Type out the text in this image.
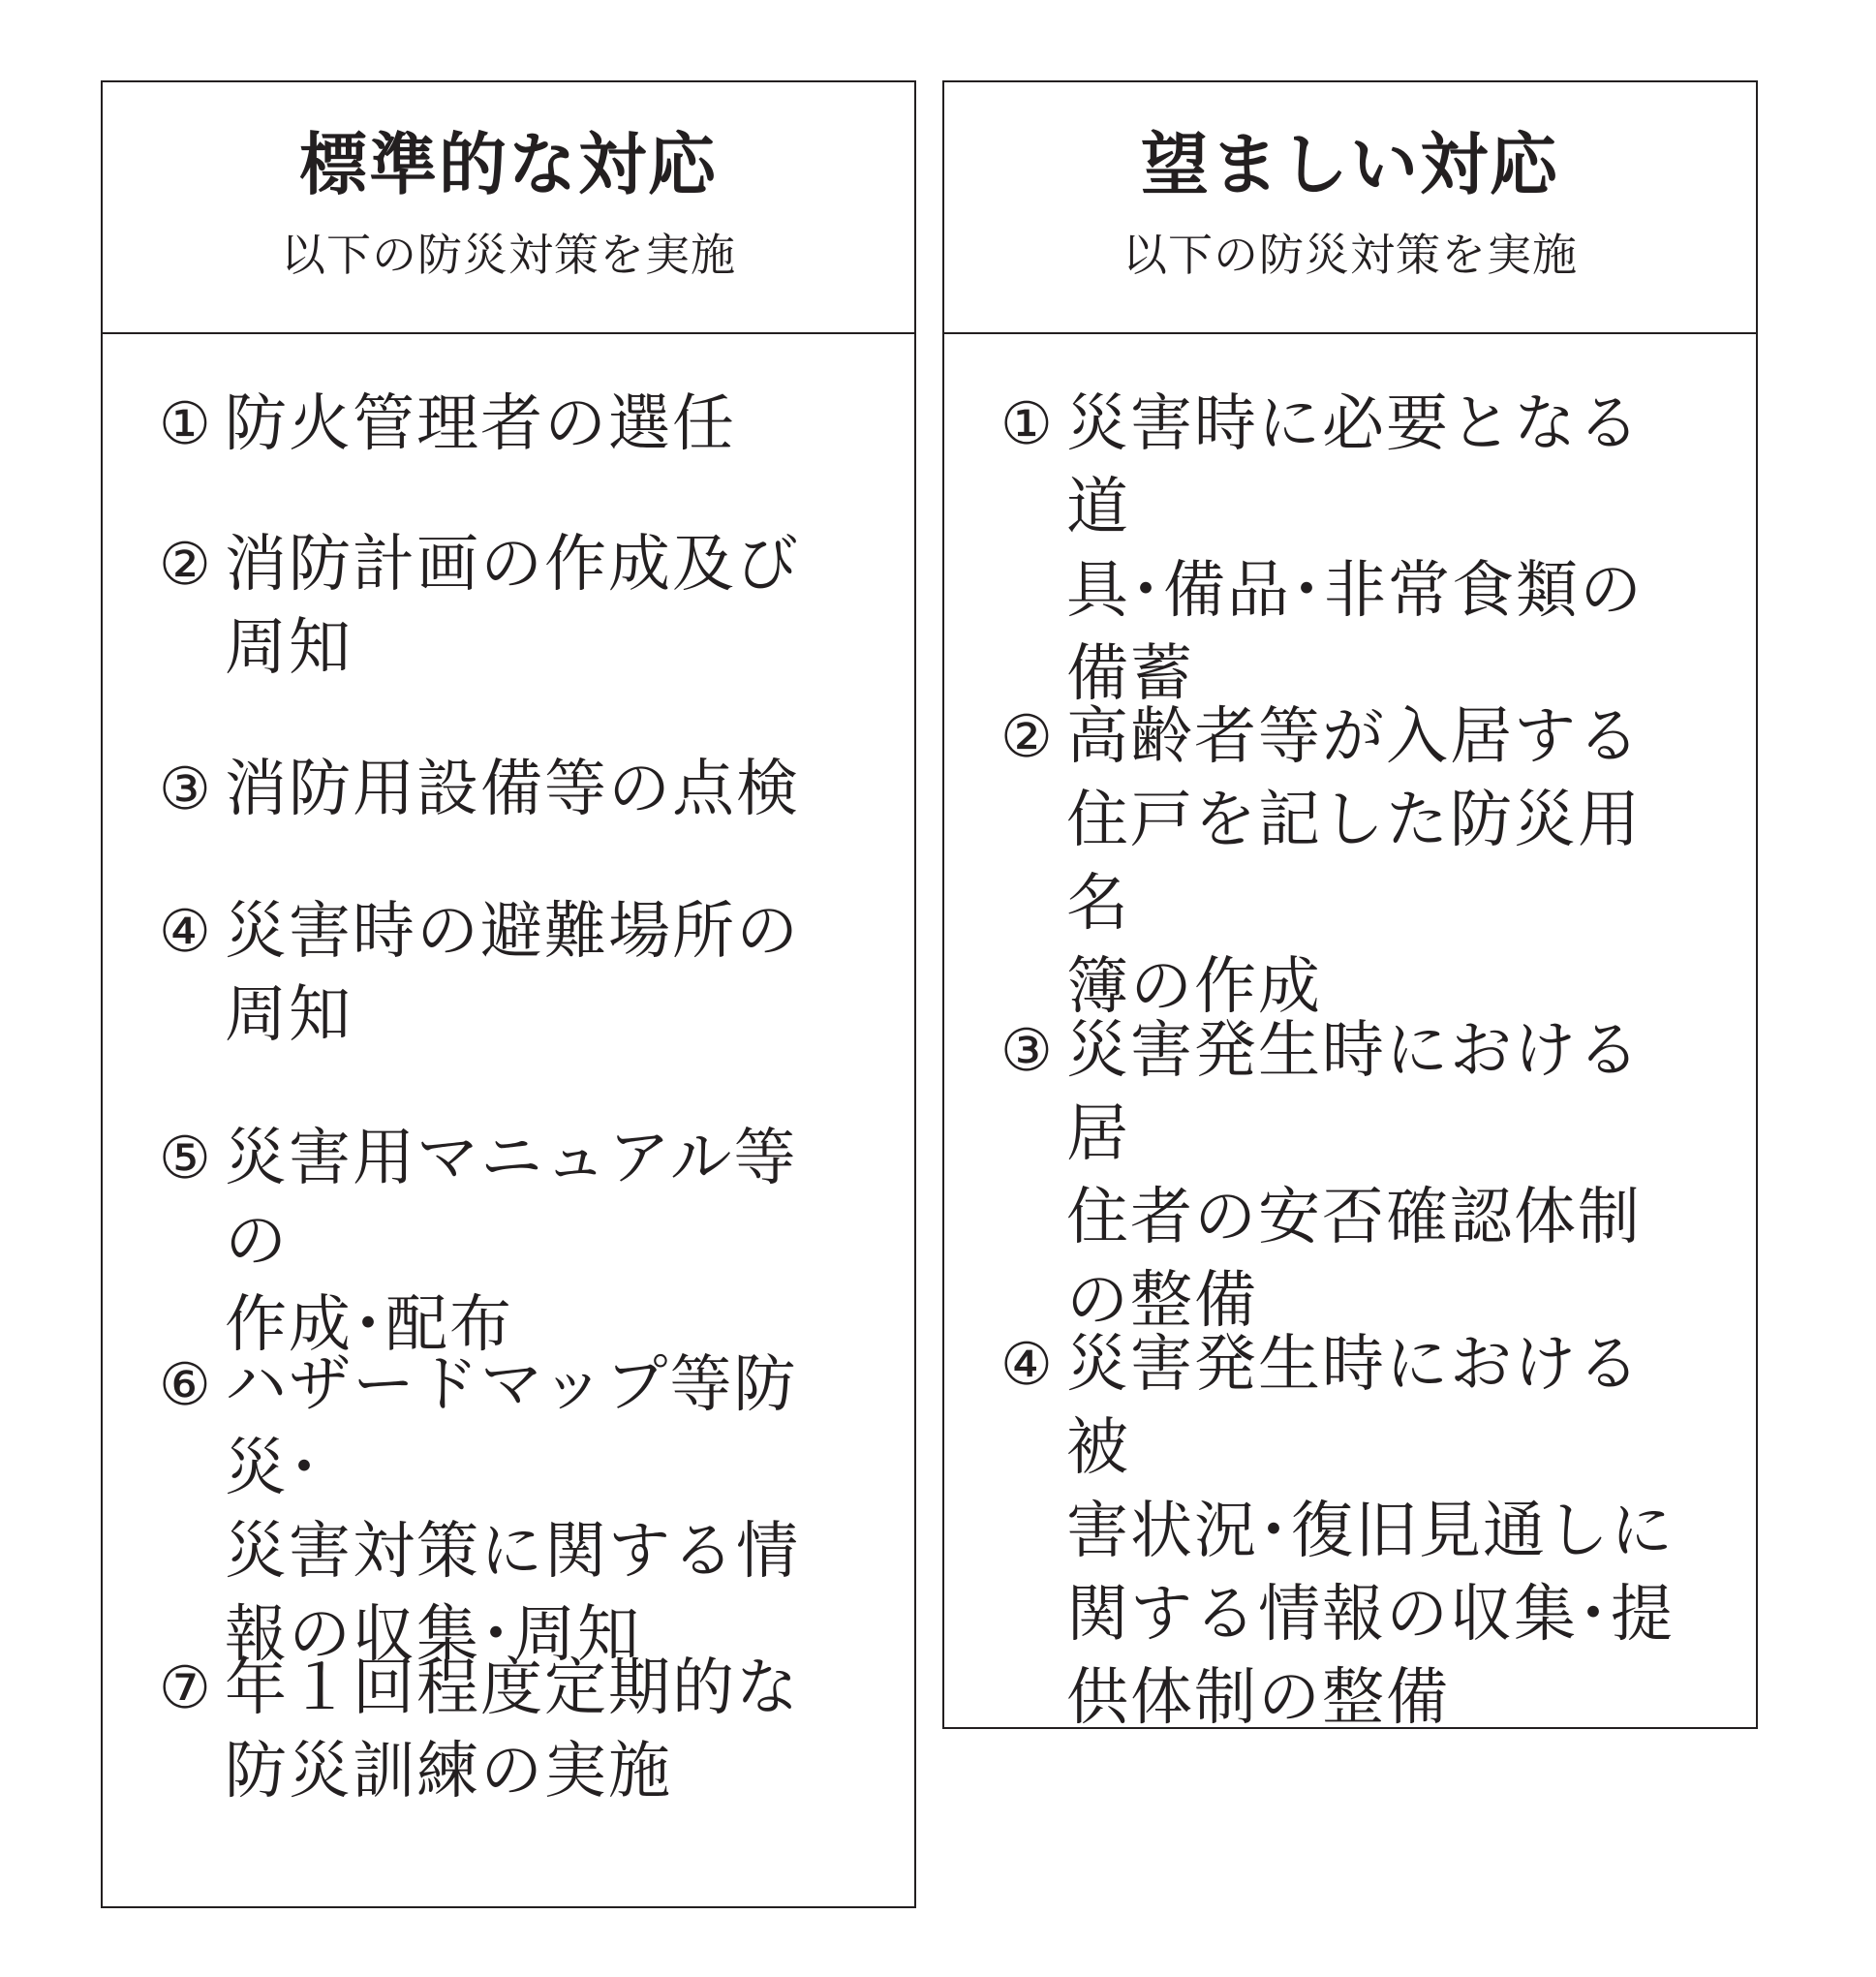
標準的な対応
以下の防災対策を実施
① 防火管理者の選任
② 消防計画の作成及び
周知
③ 消防用設備等の点検
④ 災害時の避難場所の
周知
⑤ 災害用マニュアル等の
作成･配布
⑥ ハザードマップ等防災･
災害対策に関する情
報の収集･周知
⑦ 年１回程度定期的な
防災訓練の実施
望ましい対応
以下の防災対策を実施
① 災害時に必要となる道
具･備品･非常食類の
備蓄
② 高齢者等が入居する
住戸を記した防災用名
簿の作成
③ 災害発生時における居
住者の安否確認体制
の整備
④ 災害発生時における被
害状況･復旧見通しに
関する情報の収集･提
供体制の整備
